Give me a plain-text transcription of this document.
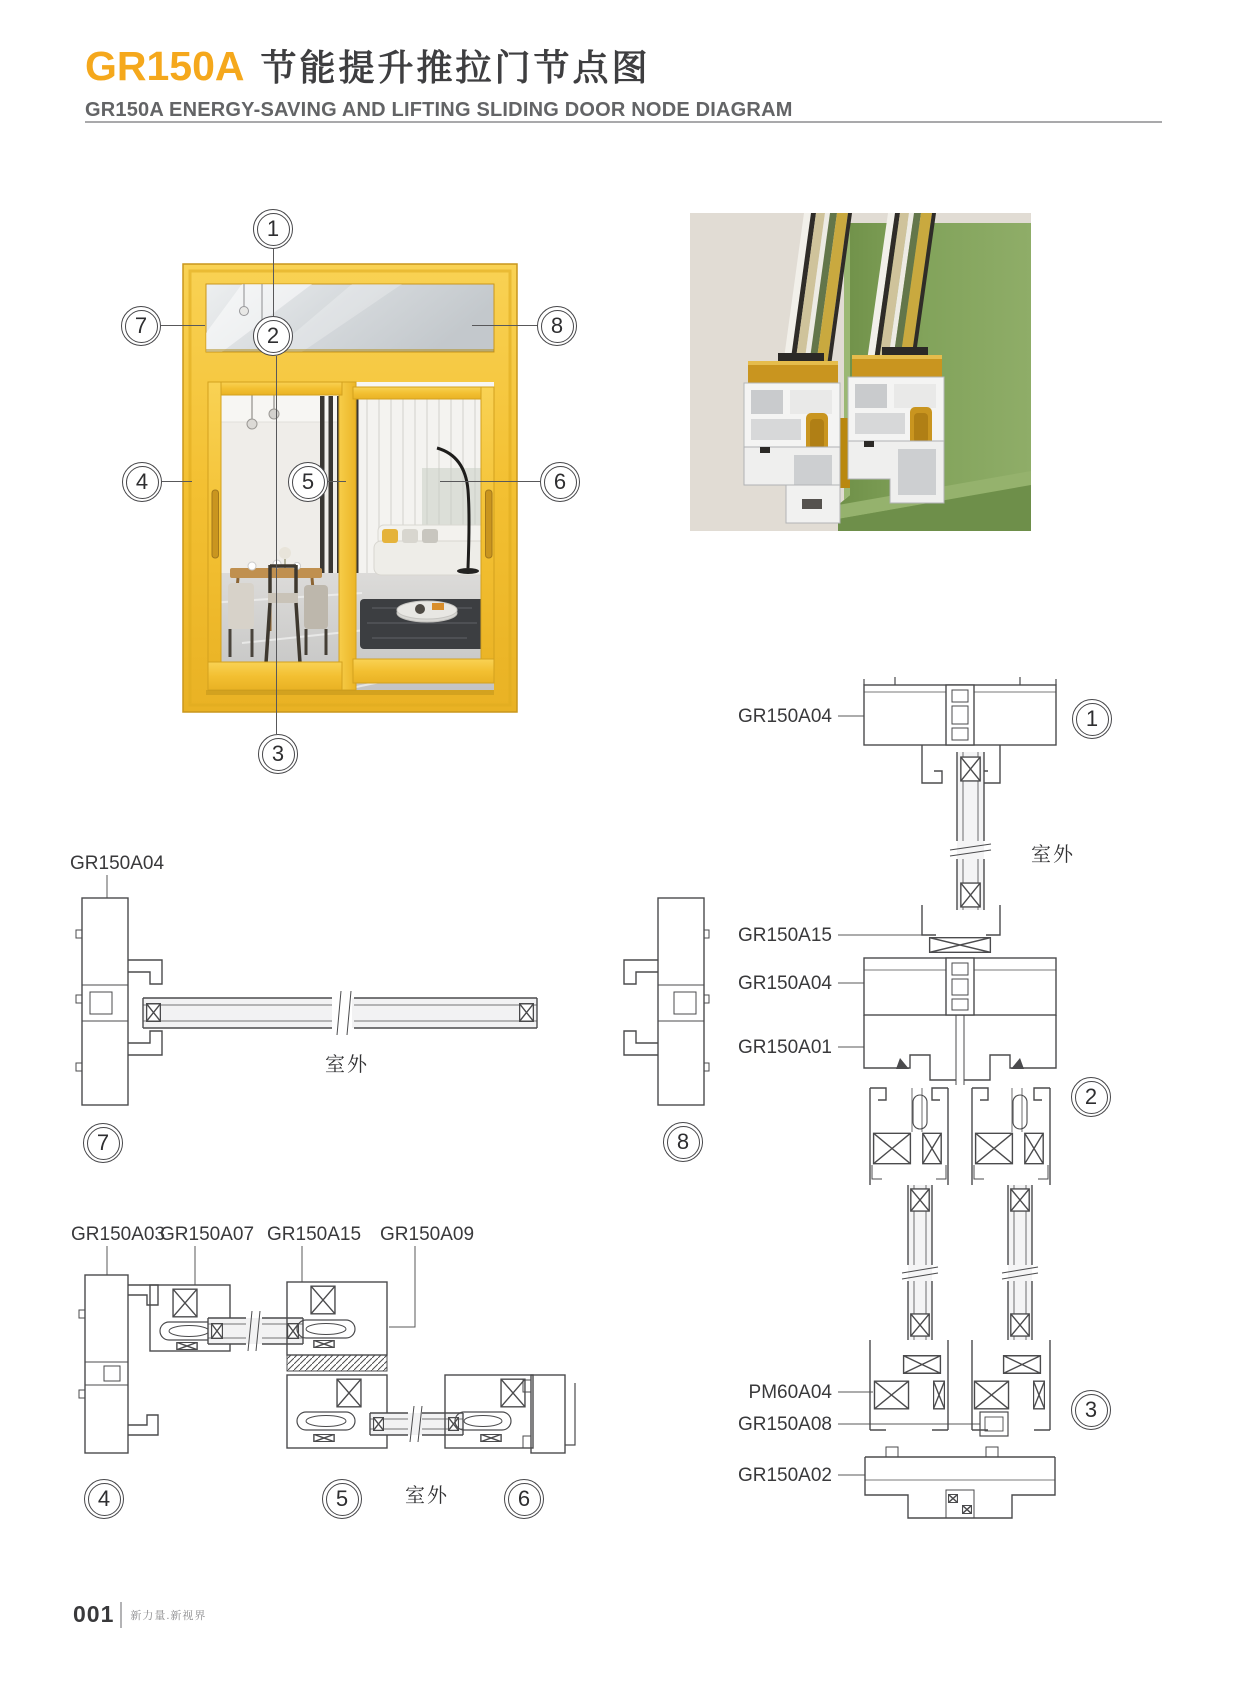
GR150A 节能提升推拉门节点图
GR150A ENERGY-SAVING AND LIFTING SLIDING DOOR NODE DIAGRAM
1
2
3
4	5	6
7	8
GR150A04
室外
7	8
GR150A03
GR150A07 GR150A15 GR150A09
室外
4	5	6
GR150A04
GR150A15
GR150A04
GR150A01
PM60A04
GR150A08
GR150A02
室外
1
2
3
001 新力量.新视界
